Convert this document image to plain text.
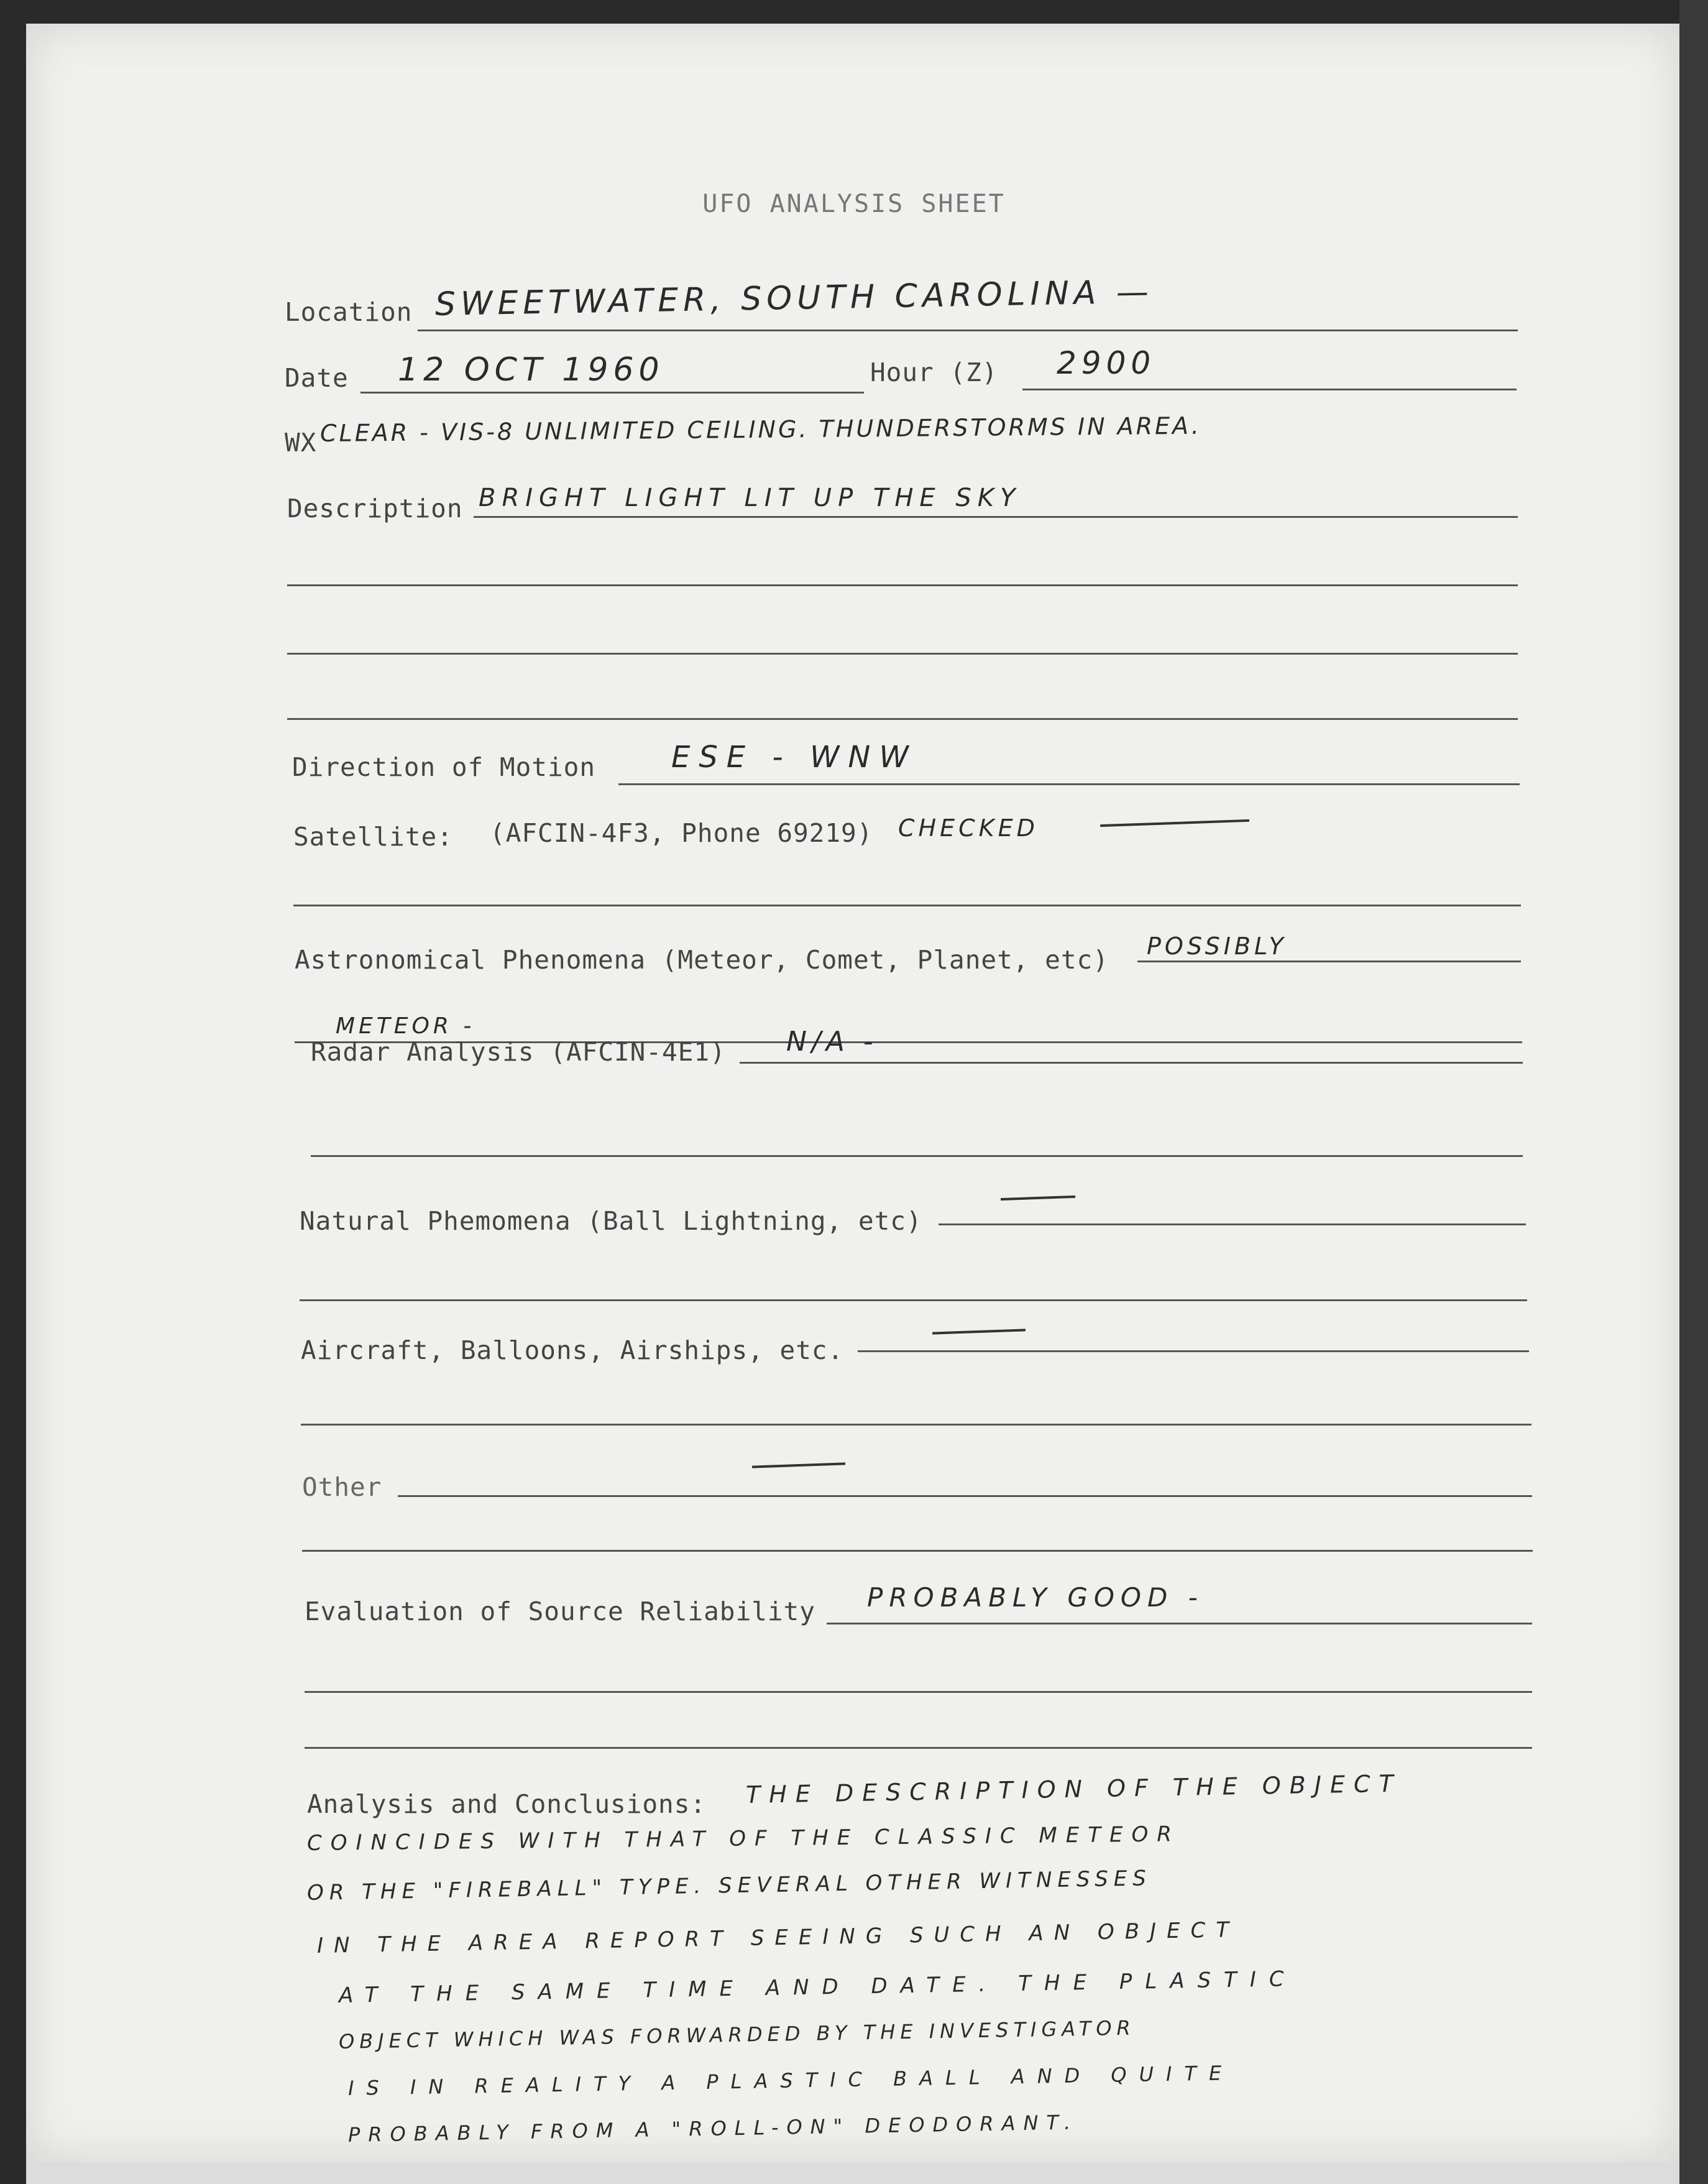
UFO ANALYSIS SHEET
Location SWEETWATER, SOUTH CAROLINA —
Date 12 OCT 1960	Hour (Z) 2900
WX CLEAR - VIS-8 UNLIMITED CEILING. THUNDERSTORMS IN AREA.
Description BRIGHT LIGHT LIT UP THE SKY
Direction of Motion	ESE - WNW
Satellite: (AFCIN-4F3, Phone 69219) CHECKED
Astronomical Phenomena (Meteor, Comet, Planet, etc) POSSIBLY
METEOR -
Radar Analysis (AFCIN-4E1) N/A -
Natural Phemomena (Ball Lightning, etc)
Aircraft, Balloons, Airships, etc.
Other
Evaluation of Source Reliability PROBABLY GOOD -
Analysis and Conclusions: THE DESCRIPTION OF THE OBJECT
COINCIDES WITH THAT OF THE CLASSIC METEOR
OR THE "FIREBALL" TYPE. SEVERAL OTHER WITNESSES
IN THE AREA REPORT SEEING SUCH AN OBJECT
AT THE SAME TIME AND DATE. THE PLASTIC
OBJECT WHICH WAS FORWARDED BY THE INVESTIGATOR
IS IN REALITY A PLASTIC BALL AND QUITE
PROBABLY FROM A "ROLL-ON" DEODORANT.
